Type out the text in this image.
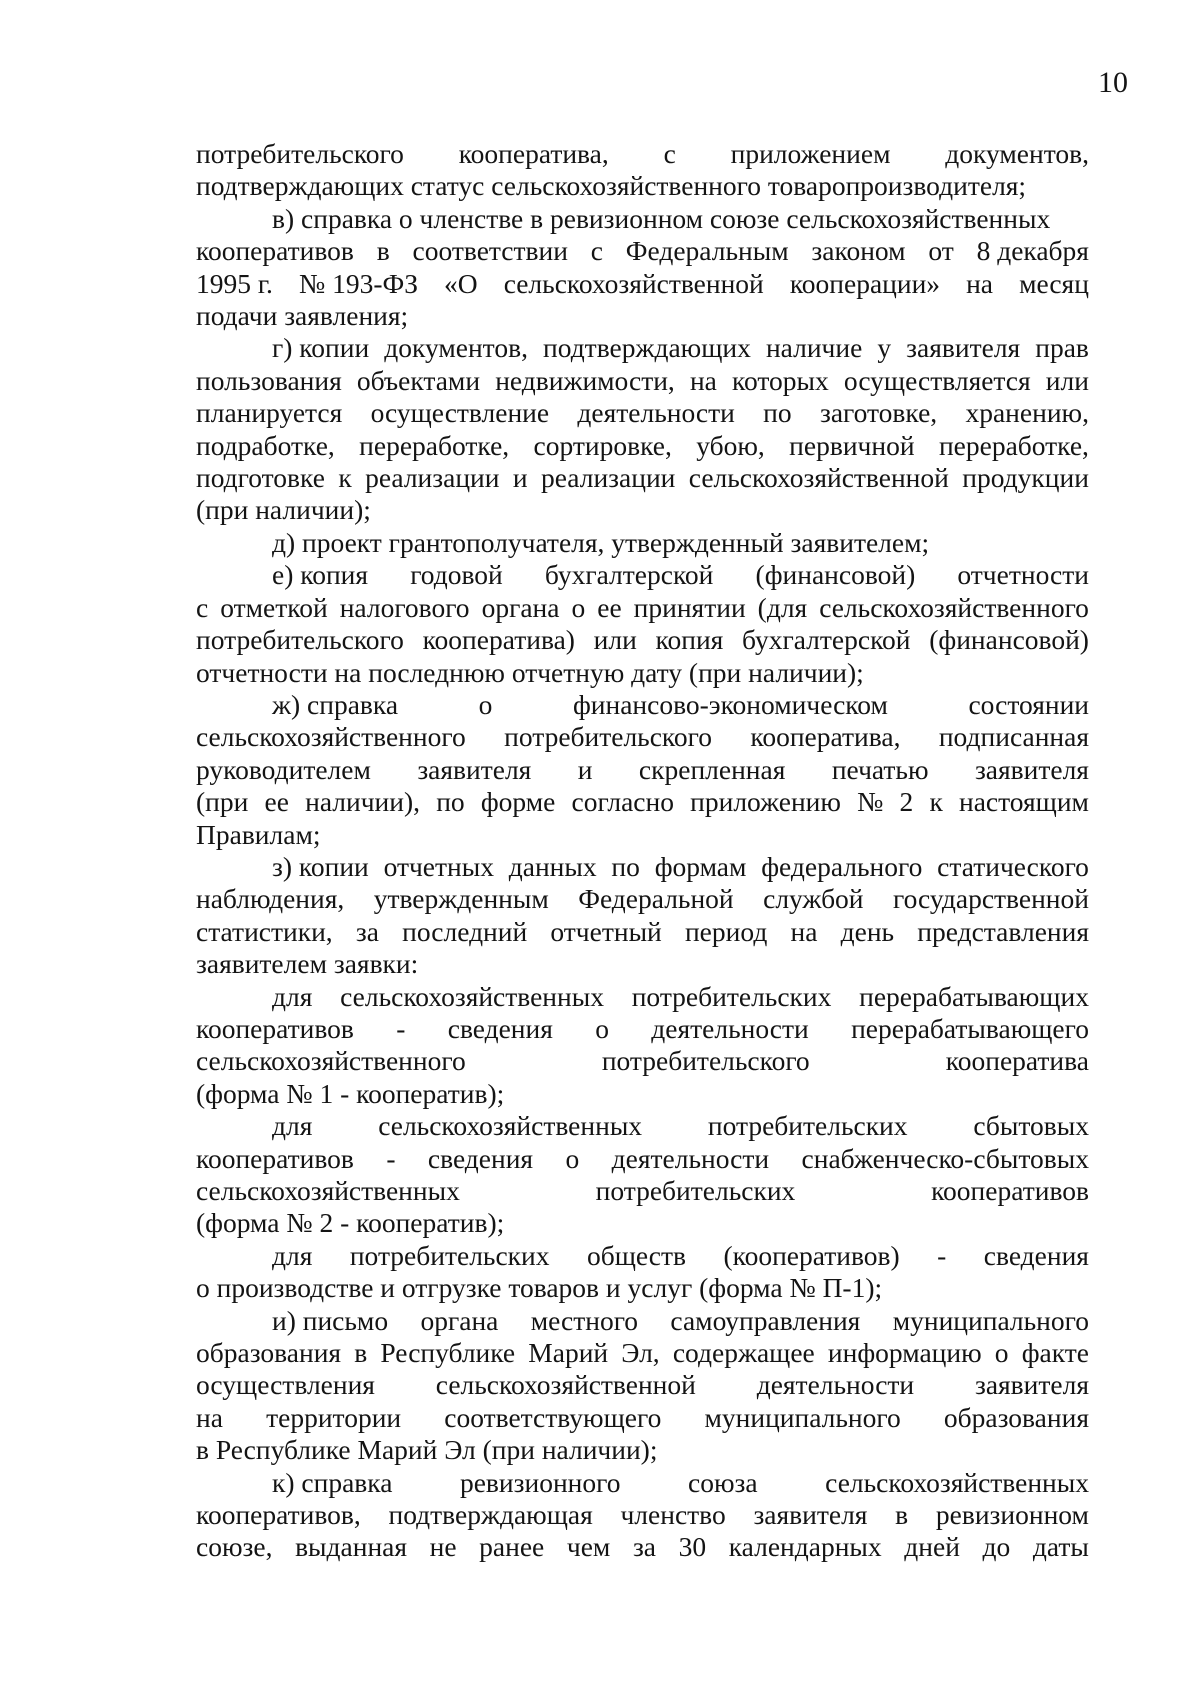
10
потребительского кооператива, с приложением документов,
подтверждающих статус сельскохозяйственного товаропроизводителя;
в) справка о членстве в ревизионном союзе сельскохозяйственных
кооперативов в соответствии с Федеральным законом от 8 декабря
1995 г. № 193-ФЗ «О сельскохозяйственной кооперации» на месяц
подачи заявления;
г) копии документов, подтверждающих наличие у заявителя прав
пользования объектами недвижимости, на которых осуществляется или
планируется осуществление деятельности по заготовке, хранению,
подработке, переработке, сортировке, убою, первичной переработке,
подготовке к реализации и реализации сельскохозяйственной продукции
(при наличии);
д) проект грантополучателя, утвержденный заявителем;
е) копия годовой бухгалтерской (финансовой) отчетности
с отметкой налогового органа о ее принятии (для сельскохозяйственного
потребительского кооператива) или копия бухгалтерской (финансовой)
отчетности на последнюю отчетную дату (при наличии);
ж) справка	о	финансово-экономическом	состоянии
сельскохозяйственного потребительского кооператива, подписанная
руководителем заявителя и скрепленная печатью заявителя
(при ее наличии), по форме согласно приложению № 2 к настоящим
Правилам;
з) копии отчетных данных по формам федерального статического
наблюдения, утвержденным Федеральной службой государственной
статистики, за последний отчетный период на день представления
заявителем заявки:
для сельскохозяйственных потребительских перерабатывающих
кооперативов - сведения о деятельности перерабатывающего
сельскохозяйственного	потребительского	кооператива
(форма № 1 - кооператив);
для сельскохозяйственных потребительских сбытовых
кооперативов - сведения о деятельности снабженческо-сбытовых
сельскохозяйственных	потребительских	кооперативов
(форма № 2 - кооператив);
для потребительских обществ (кооперативов) - сведения
о производстве и отгрузке товаров и услуг (форма № П-1);
и) письмо органа местного самоуправления муниципального
образования в Республике Марий Эл, содержащее информацию о факте
осуществления сельскохозяйственной деятельности заявителя
на территории соответствующего муниципального образования
в Республике Марий Эл (при наличии);
к) справка ревизионного союза сельскохозяйственных
кооперативов, подтверждающая членство заявителя в ревизионном
союзе, выданная не ранее чем за 30 календарных дней до даты
